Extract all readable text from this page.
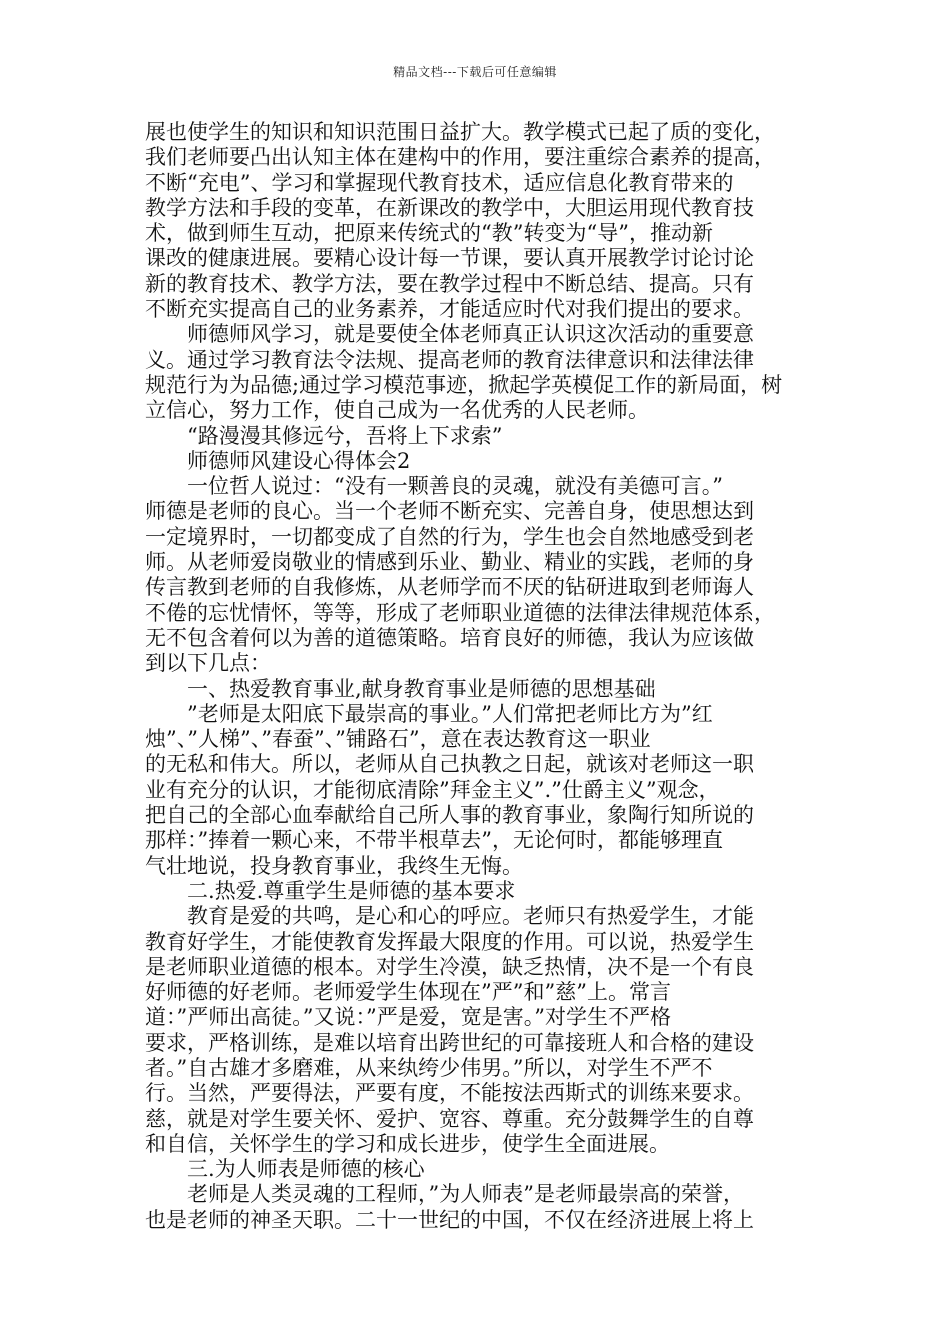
精品文档---下载后可任意编辑

展也使学生的知识和知识范围日益扩大。教学模式已起了质的变化，

我们老师要凸出认知主体在建构中的作用，要注重综合素养的提高，

不断“充电”、学习和掌握现代教育技术，适应信息化教育带来的

教学方法和手段的变革，在新课改的教学中，大胆运用现代教育技

术，做到师生互动，把原来传统式的“教”转变为“导”，推动新

课改的健康进展。要精心设计每一节课，要认真开展教学讨论讨论

新的教育技术、教学方法，要在教学过程中不断总结、提高。只有

不断充实提高自己的业务素养，才能适应时代对我们提出的要求。

　　师德师风学习，就是要使全体老师真正认识这次活动的重要意

义。通过学习教育法令法规、提高老师的教育法律意识和法律法律

规范行为为品德;通过学习模范事迹，掀起学英模促工作的新局面，树

立信心，努力工作，使自己成为一名优秀的人民老师。

　　“路漫漫其修远兮，吾将上下求索”

　　师德师风建设心得体会2

　　一位哲人说过：“没有一颗善良的灵魂，就没有美德可言。”

师德是老师的良心。当一个老师不断充实、完善自身，使思想达到

一定境界时，一切都变成了自然的行为，学生也会自然地感受到老

师。从老师爱岗敬业的情感到乐业、勤业、精业的实践，老师的身

传言教到老师的自我修炼，从老师学而不厌的钻研进取到老师诲人

不倦的忘忧情怀，等等，形成了老师职业道德的法律法律规范体系，

无不包含着何以为善的道德策略。培育良好的师德，我认为应该做

到以下几点：

　　一、热爱教育事业,献身教育事业是师德的思想基础

　　”老师是太阳底下最崇高的事业。”人们常把老师比方为”红

烛”、”人梯”、”春蚕”、”铺路石”，意在表达教育这一职业

的无私和伟大。所以，老师从自己执教之日起，就该对老师这一职

业有充分的认识，才能彻底清除”拜金主义”.”仕爵主义”观念，

把自己的全部心血奉献给自己所人事的教育事业，象陶行知所说的

那样：”捧着一颗心来，不带半根草去”，无论何时，都能够理直

气壮地说，投身教育事业，我终生无悔。

　　二.热爱.尊重学生是师德的基本要求

　　教育是爱的共鸣，是心和心的呼应。老师只有热爱学生，才能

教育好学生，才能使教育发挥最大限度的作用。可以说，热爱学生

是老师职业道德的根本。对学生冷漠，缺乏热情，决不是一个有良

好师德的好老师。老师爱学生体现在”严”和”慈”上。常言

道：”严师出高徒。”又说：”严是爱，宽是害。”对学生不严格

要求，严格训练，是难以培育出跨世纪的可靠接班人和合格的建设

者。”自古雄才多磨难，从来纨绔少伟男。”所以，对学生不严不

行。当然，严要得法，严要有度，不能按法西斯式的训练来要求。

慈，就是对学生要关怀、爱护、宽容、尊重。充分鼓舞学生的自尊

和自信，关怀学生的学习和成长进步，使学生全面进展。

　　三.为人师表是师德的核心

　　老师是人类灵魂的工程师，”为人师表”是老师最崇高的荣誉，

也是老师的神圣天职。二十一世纪的中国，不仅在经济进展上将上
